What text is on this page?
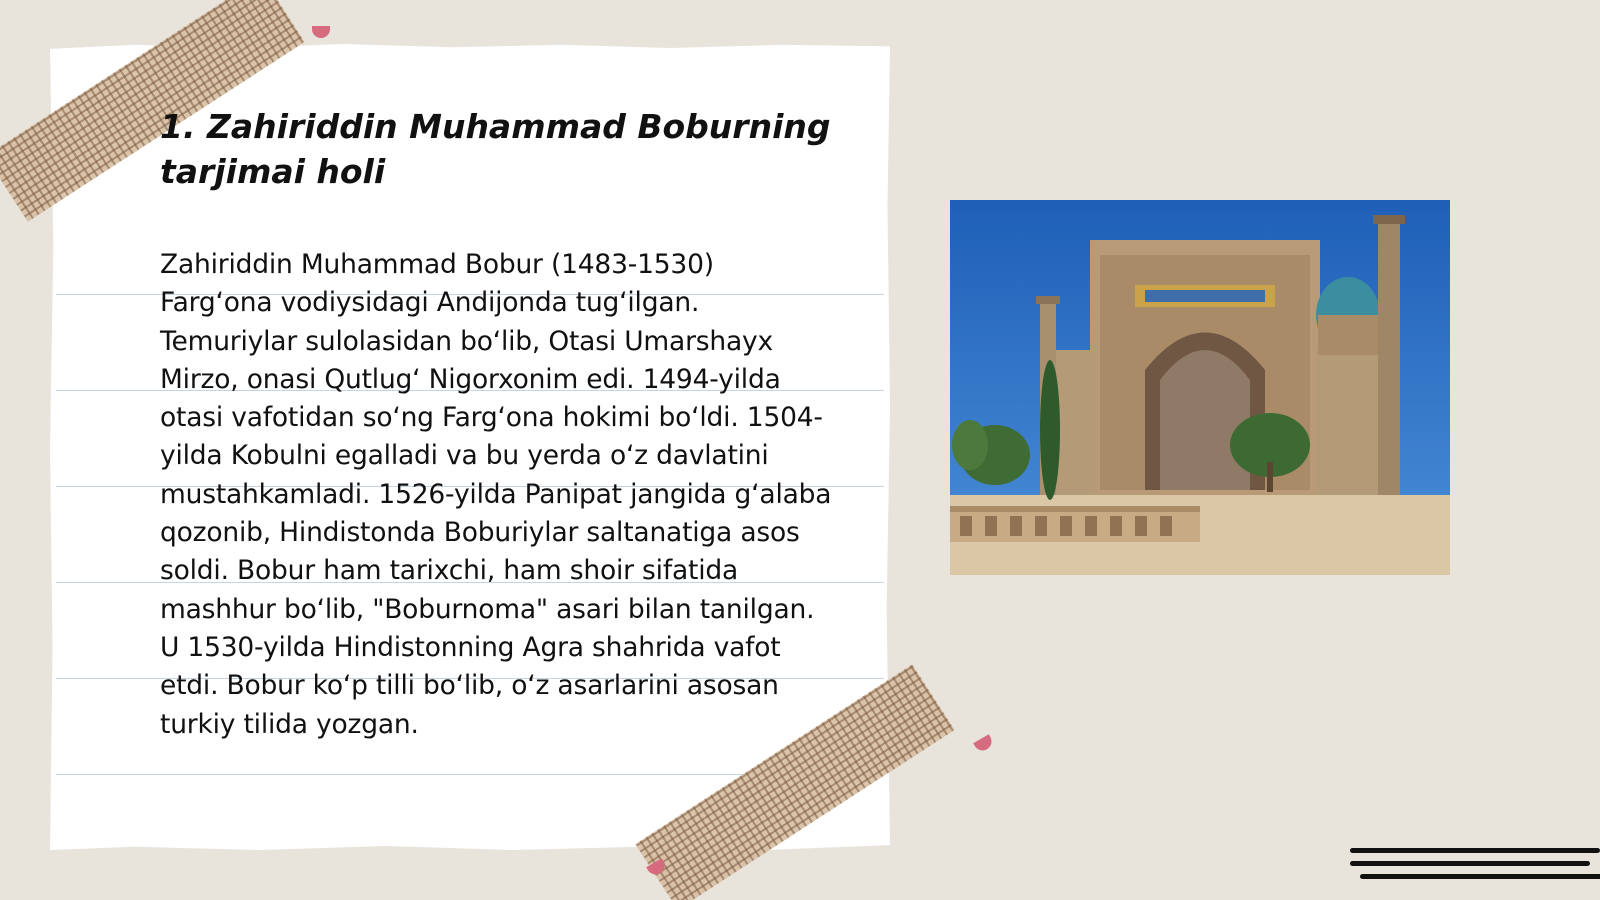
1. Zahiriddin Muhammad Boburning tarjimai holi

Zahiriddin Muhammad Bobur (1483-1530) Farg‘ona vodiysidagi Andijonda tug‘ilgan. Temuriylar sulolasidan bo‘lib, Otasi Umarshayx Mirzo, onasi Qutlug‘ Nigorxonim edi. 1494-yilda otasi vafotidan so‘ng Farg‘ona hokimi bo‘ldi. 1504-yilda Kobulni egalladi va bu yerda o‘z davlatini mustahkamladi. 1526-yilda Panipat jangida g‘alaba qozonib, Hindistonda Boburiylar saltanatiga asos soldi. Bobur ham tarixchi, ham shoir sifatida mashhur bo‘lib, "Boburnoma" asari bilan tanilgan. U 1530-yilda Hindistonning Agra shahrida vafot etdi. Bobur ko‘p tilli bo‘lib, o‘z asarlarini asosan turkiy tilida yozgan.
